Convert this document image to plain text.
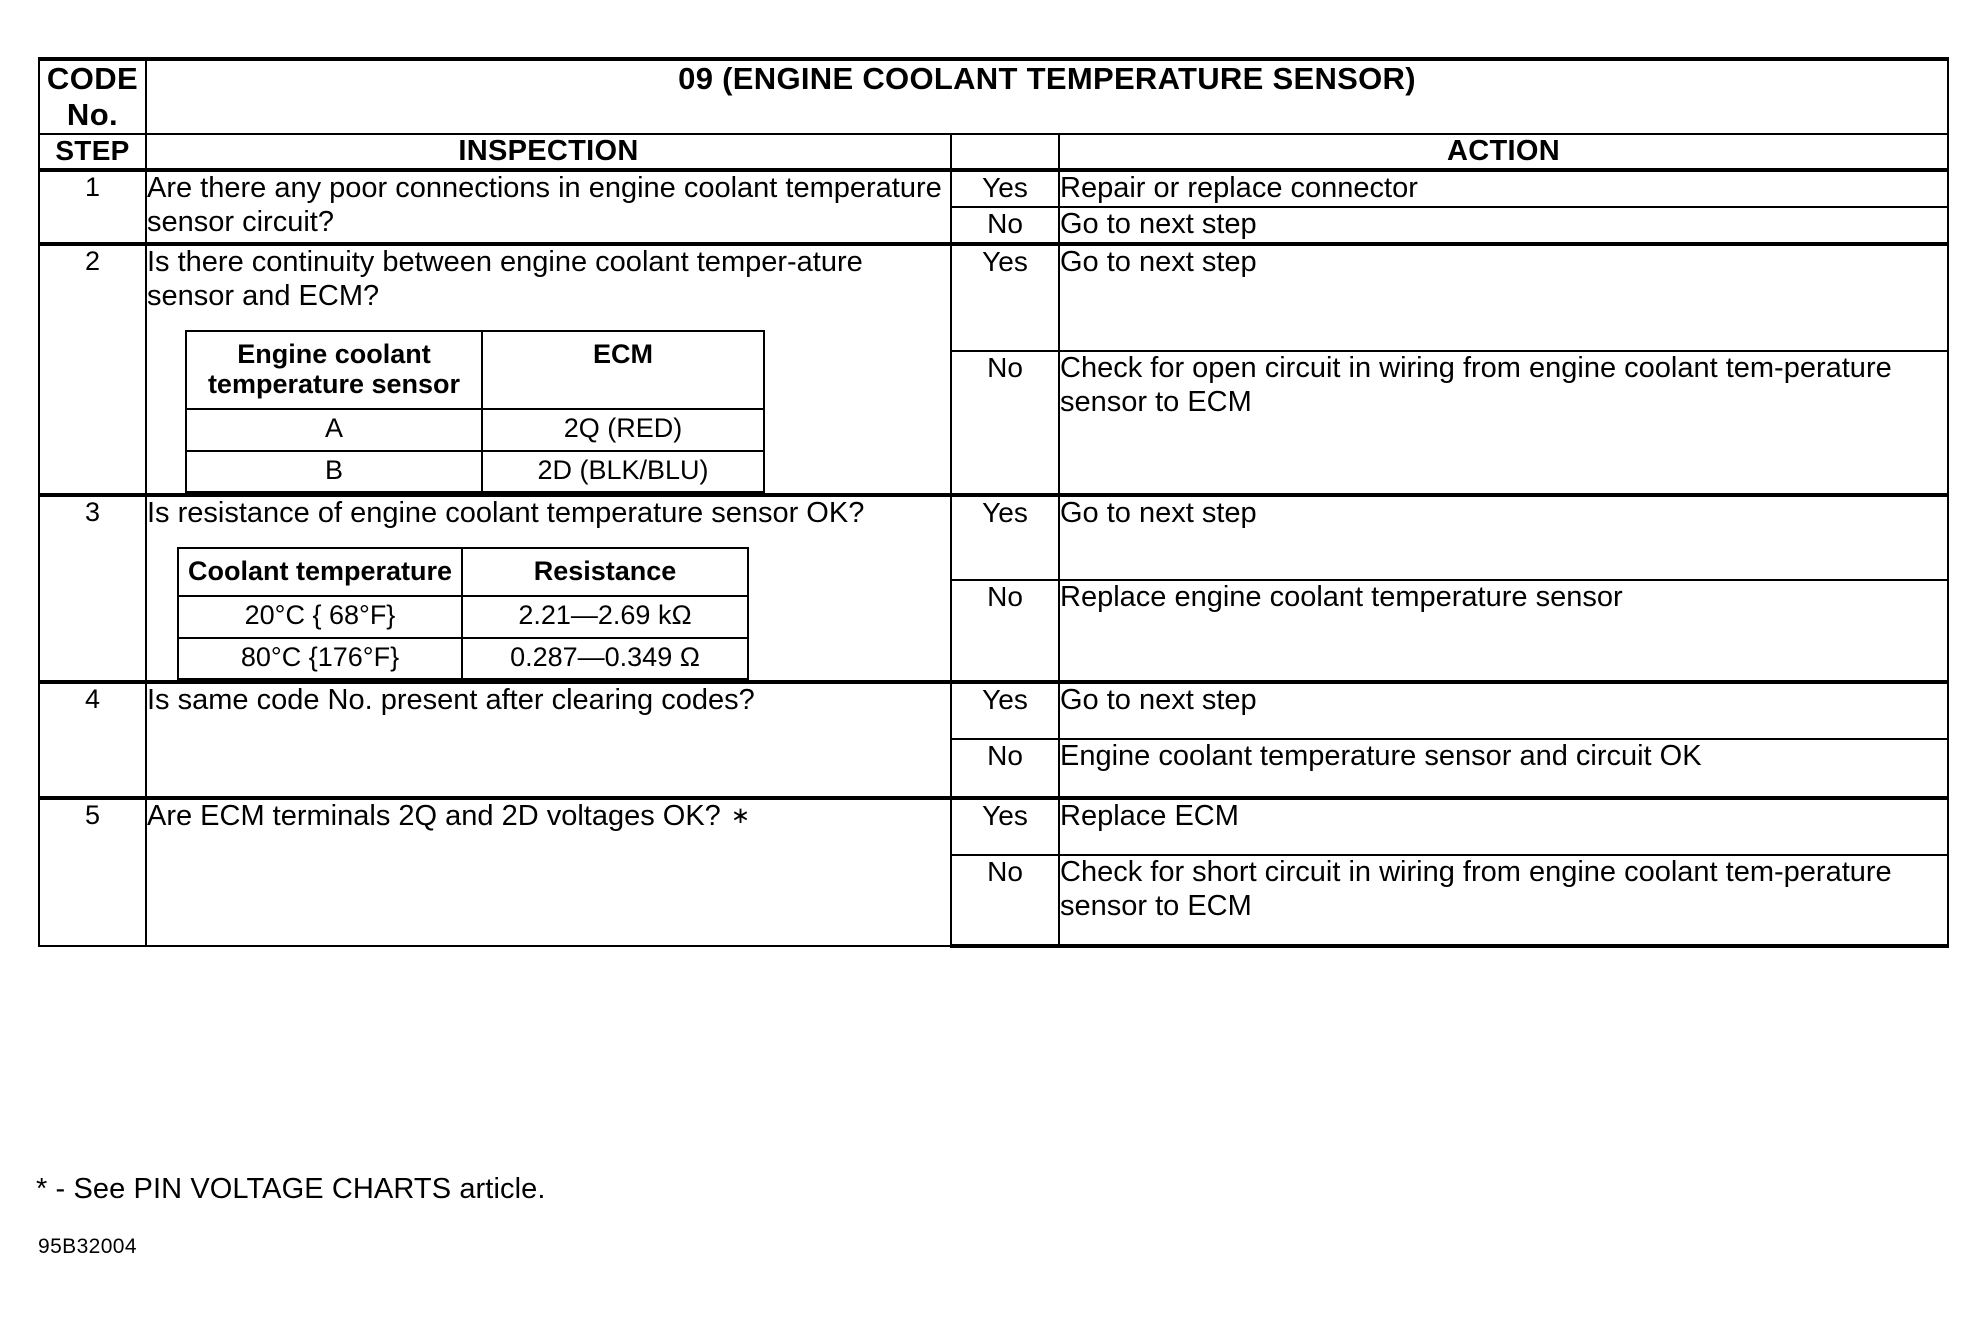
CODE No.	09 (ENGINE COOLANT TEMPERATURE SENSOR)
STEP	INSPECTION		ACTION
1	Are there any poor connections in engine coolant temperature sensor circuit?	Yes	Repair or replace connector
No	Go to next step
2	Is there continuity between engine coolant temper-ature sensor and ECM?
Engine coolant temperature sensor	ECM
A	2Q (RED)
B	2D (BLK/BLU)
	Yes	Go to next step
No	Check for open circuit in wiring from engine coolant tem-perature sensor to ECM
3	Is resistance of engine coolant temperature sensor OK?
Coolant temperature	Resistance
20°C { 68°F}	2.21—2.69 kΩ
80°C {176°F}	0.287—0.349 Ω
	Yes	Go to next step
No	Replace engine coolant temperature sensor
4	Is same code No. present after clearing codes?	Yes	Go to next step
No	Engine coolant temperature sensor and circuit OK
5	Are ECM terminals 2Q and 2D voltages OK? ∗	Yes	Replace ECM
No	Check for short circuit in wiring from engine coolant tem-perature sensor to ECM
* - See PIN VOLTAGE CHARTS article.
95B32004
